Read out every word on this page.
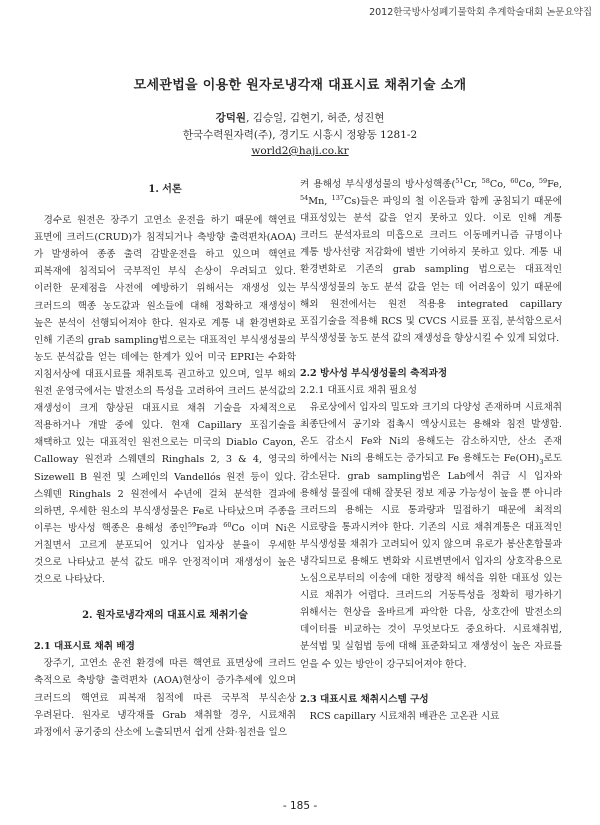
2012한국방사성폐기물학회 추계학술대회 논문요약집
모세관법을 이용한 원자로냉각재 대표시료 채취기술 소개
강덕원, 김승일, 김현기, 허준, 성진현
한국수력원자력(주), 경기도 시흥시 정왕동 1281-2
world2@haji.co.kr
1. 서론

경수로 원전은 장주기 고연소 운전을 하기 때문에 핵연료 표면에 크러드(CRUD)가 침적되거나 축방향 출력편차(AOA)가 발생하여 종종 출력 감발운전을 하고 있으며 핵연료 피복재에 침적되어 국부적인 부식 손상이 우려되고 있다. 이러한 문제점을 사전에 예방하기 위해서는 재생성 있는 크러드의 핵종 농도값과 원소들에 대해 정확하고 재생성이 높은 분석이 선행되어져야 한다. 원자로 계통 내 환경변화로 인해 기존의 grab sampling법으로는 대표적인 부식생성물의 농도 분석값을 얻는 데에는 한계가 있어 미국 EPRI는 수화학 지침서상에 대표시료를 채취토록 권고하고 있으며, 일부 해외 원전 운영국에서는 발전소의 특성을 고려하여 크러드 분석값의 재생성이 크게 향상된 대표시료 채취 기술을 자체적으로 적용하거나 개발 중에 있다. 현재 Capillary 포집기술을 채택하고 있는 대표적인 원전으로는 미국의 Diablo Cayon, Calloway 원전과 스웨덴의 Ringhals 2, 3 & 4, 영국의 Sizewell B 원전 및 스페인의 Vandellós 원전 등이 있다. 스웨덴 Ringhals 2 원전에서 수년에 걸쳐 분석한 결과에 의하면, 우세한 원소의 부식생성물은 Fe로 나타났으며 주종을 이루는 방사성 핵종은 용해성 종인$^{59}$Fe과 $^{60}$Co 이며 Ni은 거칠면서 고르게 분포되어 있거나 입자상 분율이 우세한 것으로 나타났고 분석 값도 매우 안정적이며 재생성이 높은 것으로 나타났다.

2. 원자로냉각재의 대표시료 채취기술
2.1 대표시료 채취 배경

장주기, 고연소 운전 환경에 따른 핵연료 표면상에 크러드 축적으로 축방향 출력편차 (AOA)현상이 증가추세에 있으며 크러드의 핵연료 피복재 침적에 따른 국부적 부식손상 우려된다. 원자로 냉각재를 Grab 채취할 경우, 시료채취 과정에서 공기중의 산소에 노출되면서 쉽게 산화·침전을 일으

켜 용해성 부식생성물의 방사성핵종($^{51}$Cr, $^{58}$Co, $^{60}$Co, $^{59}$Fe, $^{54}$Mn, $^{137}$Cs)들은 파잉의 철 이온들과 함께 공침되기 때문에 대표성있는 분석 값을 얻지 못하고 있다. 이로 인해 계통 크러드 분석자료의 미흡으로 크러드 이동메커니즘 규명이나 계통 방사선량 저감화에 별반 기여하지 못하고 있다. 계통 내 환경변화로 기존의 grab sampling 법으로는 대표적인 부식생성물의 농도 분석 값을 얻는 데 어려움이 있기 때문에 해외 원전에서는 원전 적용용 integrated capillary 포집기술을 적용해 RCS 및 CVCS 시료를 포집, 분석함으로서 부식생성물 농도 분석 값의 재생성을 향상시킬 수 있게 되었다.

2.2 방사성 부식생성물의 축적과정
2.2.1 대표시료 채취 필요성

유로상에서 입자의 밀도와 크기의 다양성 존재하며 시료채취 최종단에서 공기와 접촉시 액상시료는 용해와 침전 발생함. 온도 감소시 Fe와 Ni의 용해도는 감소하지만, 산소 존재 하에서는 Ni의 용해도는 증가되고 Fe 용해도는 $Fe(OH)_3$로도 감소된다. grab sampling법은 Lab에서 취급 시 입자와 용해성 물질에 대해 잘못된 정보 제공 가능성이 높을 뿐 아니라 크러드의 용해는 시료 통과량과 밀접하기 때문에 최적의 시료량을 통과시켜야 한다. 기존의 시료 채취계통은 대표적인 부식생성물 채취가 고려되어 있지 않으며 유로가 봉산혼합물과 냉각되므로 용해도 변화와 시료변면에서 입자의 상호작용으로 노심으로부터의 이송에 대한 정량적 해석을 위한 대표성 있는 시료 채취가 어렵다. 크러드의 거동특성을 정확히 평가하기 위해서는 현상을 올바르게 파악한 다음, 상호간에 발전소의 데이터를 비교하는 것이 무엇보다도 중요하다. 시료채취법, 분석법 및 실험법 등에 대해 표준화되고 재생성이 높은 자료를 얻을 수 있는 방안이 강구되어져야 한다.

2.3 대표시료 채취시스템 구성

RCS capillary 시료채취 배관은 고온관 시료

- 185 -
